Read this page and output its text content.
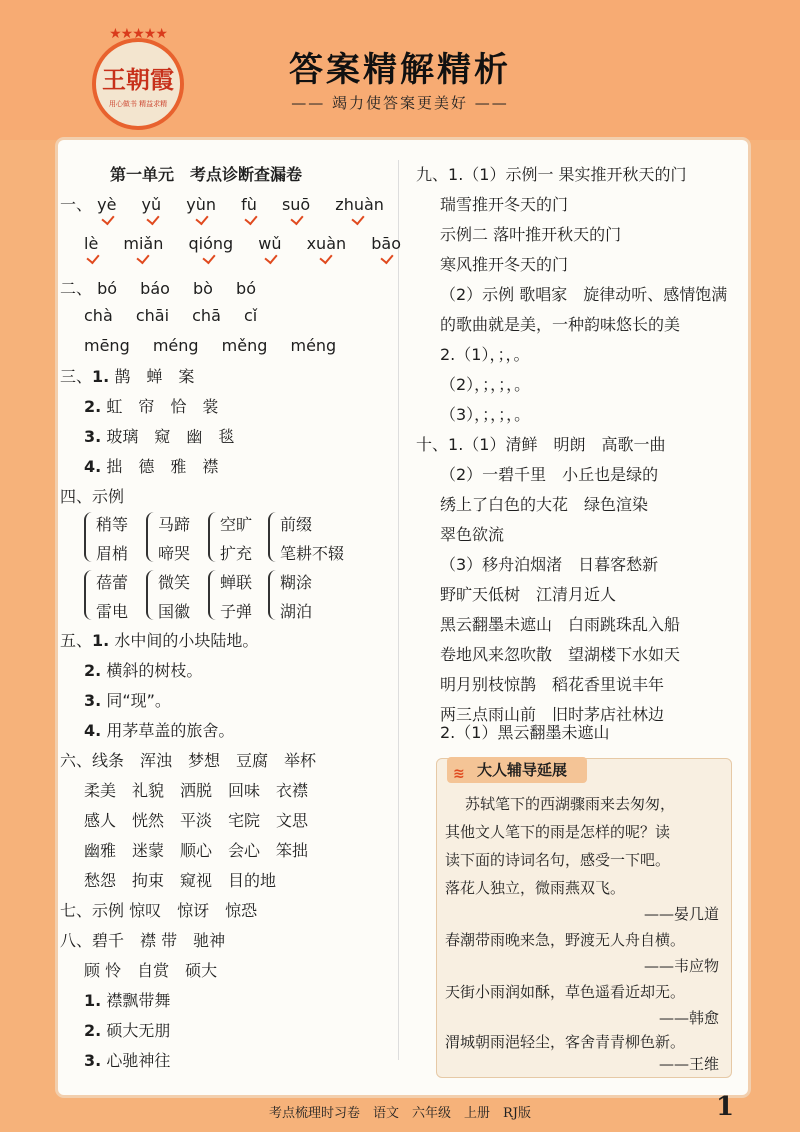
★★★★★
王朝霞
用心做书 精益求精
答案精解精析
—— 竭力使答案更美好 ——
第一单元　考点诊断查漏卷
一、 yè yǔ yùn fù suō zhuàn
lè miǎn qióng wǔ xuàn bāo
二、 bó báo bò bó
chà chāi chā cǐ
mēng méng měng méng
三、1. 鹊　蝉　案
2. 虹　帘　恰　裳
3. 玻璃　窥　幽　毯
4. 拙　德　雅　襟
四、示例
稍等
眉梢
马蹄
啼哭
空旷
扩充
前缀
笔耕不辍
蓓蕾
雷电
微笑
国徽
蝉联
子弹
糊涂
湖泊
五、1. 水中间的小块陆地。
2. 横斜的树枝。
3. 同“现”。
4. 用茅草盖的旅舍。
六、线条　浑浊　梦想　豆腐　举杯
柔美　礼貌　洒脱　回味　衣襟
感人　恍然　平淡　宅院　文思
幽雅　迷蒙　顺心　会心　笨拙
愁怨　拘束　窥视　目的地
七、示例 惊叹　惊讶　惊恐
八、碧千　襟 带　驰神
顾 怜　自赏　硕大
1. 襟飘带舞
2. 硕大无朋
3. 心驰神往
九、1.（1）示例一 果实推开秋天的门
瑞雪推开冬天的门
示例二 落叶推开秋天的门
寒风推开冬天的门
（2）示例 歌唱家　旋律动听、感情饱满
的歌曲就是美，一种韵味悠长的美
2.（1），；，。
（2），；，；，。
（3），；，；，。
十、1.（1）清鲜　明朗　高歌一曲
（2）一碧千里　小丘也是绿的
绣上了白色的大花　绿色渲染
翠色欲流
（3）移舟泊烟渚　日暮客愁新
野旷天低树　江清月近人
黑云翻墨未遮山　白雨跳珠乱入船
卷地风来忽吹散　望湖楼下水如天
明月别枝惊鹊　稻花香里说丰年
两三点雨山前　旧时茅店社林边
2.（1）黑云翻墨未遮山
≋ 大人辅导延展
苏轼笔下的西湖骤雨来去匆匆，
其他文人笔下的雨是怎样的呢？读
读下面的诗词名句，感受一下吧。
落花人独立，微雨燕双飞。
——晏几道
春潮带雨晚来急，野渡无人舟自横。
——韦应物
天街小雨润如酥，草色遥看近却无。
——韩愈
渭城朝雨浥轻尘，客舍青青柳色新。
——王维
考点梳理时习卷　语文　六年级　上册　RJ版	1
